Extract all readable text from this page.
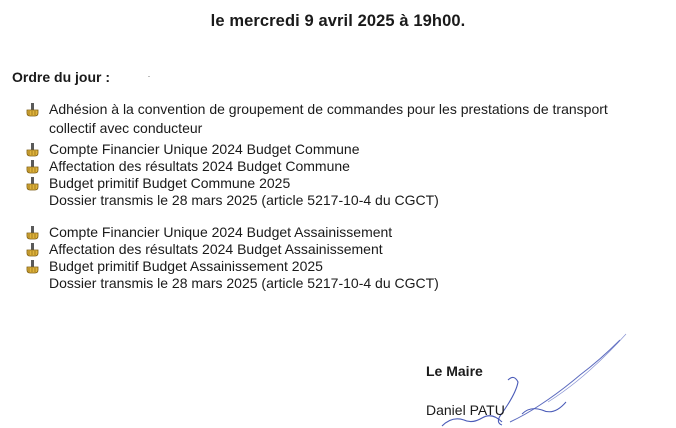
le mercredi 9 avril 2025 à 19h00.
Ordre du jour :
Adhésion à la convention de groupement de commandes pour les prestations de transport
collectif avec conducteur
Compte Financier Unique 2024 Budget Commune
Affectation des résultats 2024 Budget Commune
Budget primitif Budget Commune 2025
Dossier transmis le 28 mars 2025 (article 5217-10-4 du CGCT)
Compte Financier Unique 2024 Budget Assainissement
Affectation des résultats 2024 Budget Assainissement
Budget primitif Budget Assainissement 2025
Dossier transmis le 28 mars 2025 (article 5217-10-4 du CGCT)
Le Maire
Daniel PATU
